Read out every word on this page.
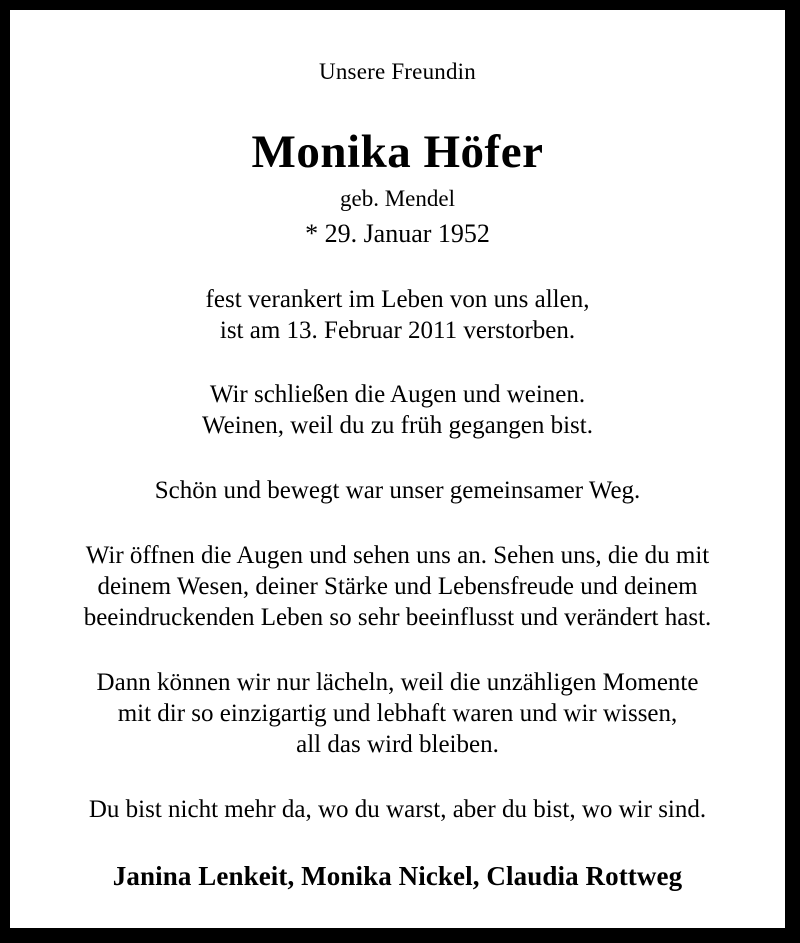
Unsere Freundin
Monika Höfer
geb. Mendel
* 29. Januar 1952
fest verankert im Leben von uns allen,
ist am 13. Februar 2011 verstorben.
Wir schließen die Augen und weinen.
Weinen, weil du zu früh gegangen bist.
Schön und bewegt war unser gemeinsamer Weg.
Wir öffnen die Augen und sehen uns an. Sehen uns, die du mit
deinem Wesen, deiner Stärke und Lebensfreude und deinem
beeindruckenden Leben so sehr beeinflusst und verändert hast.
Dann können wir nur lächeln, weil die unzähligen Momente
mit dir so einzigartig und lebhaft waren und wir wissen,
all das wird bleiben.
Du bist nicht mehr da, wo du warst, aber du bist, wo wir sind.
Janina Lenkeit, Monika Nickel, Claudia Rottweg
